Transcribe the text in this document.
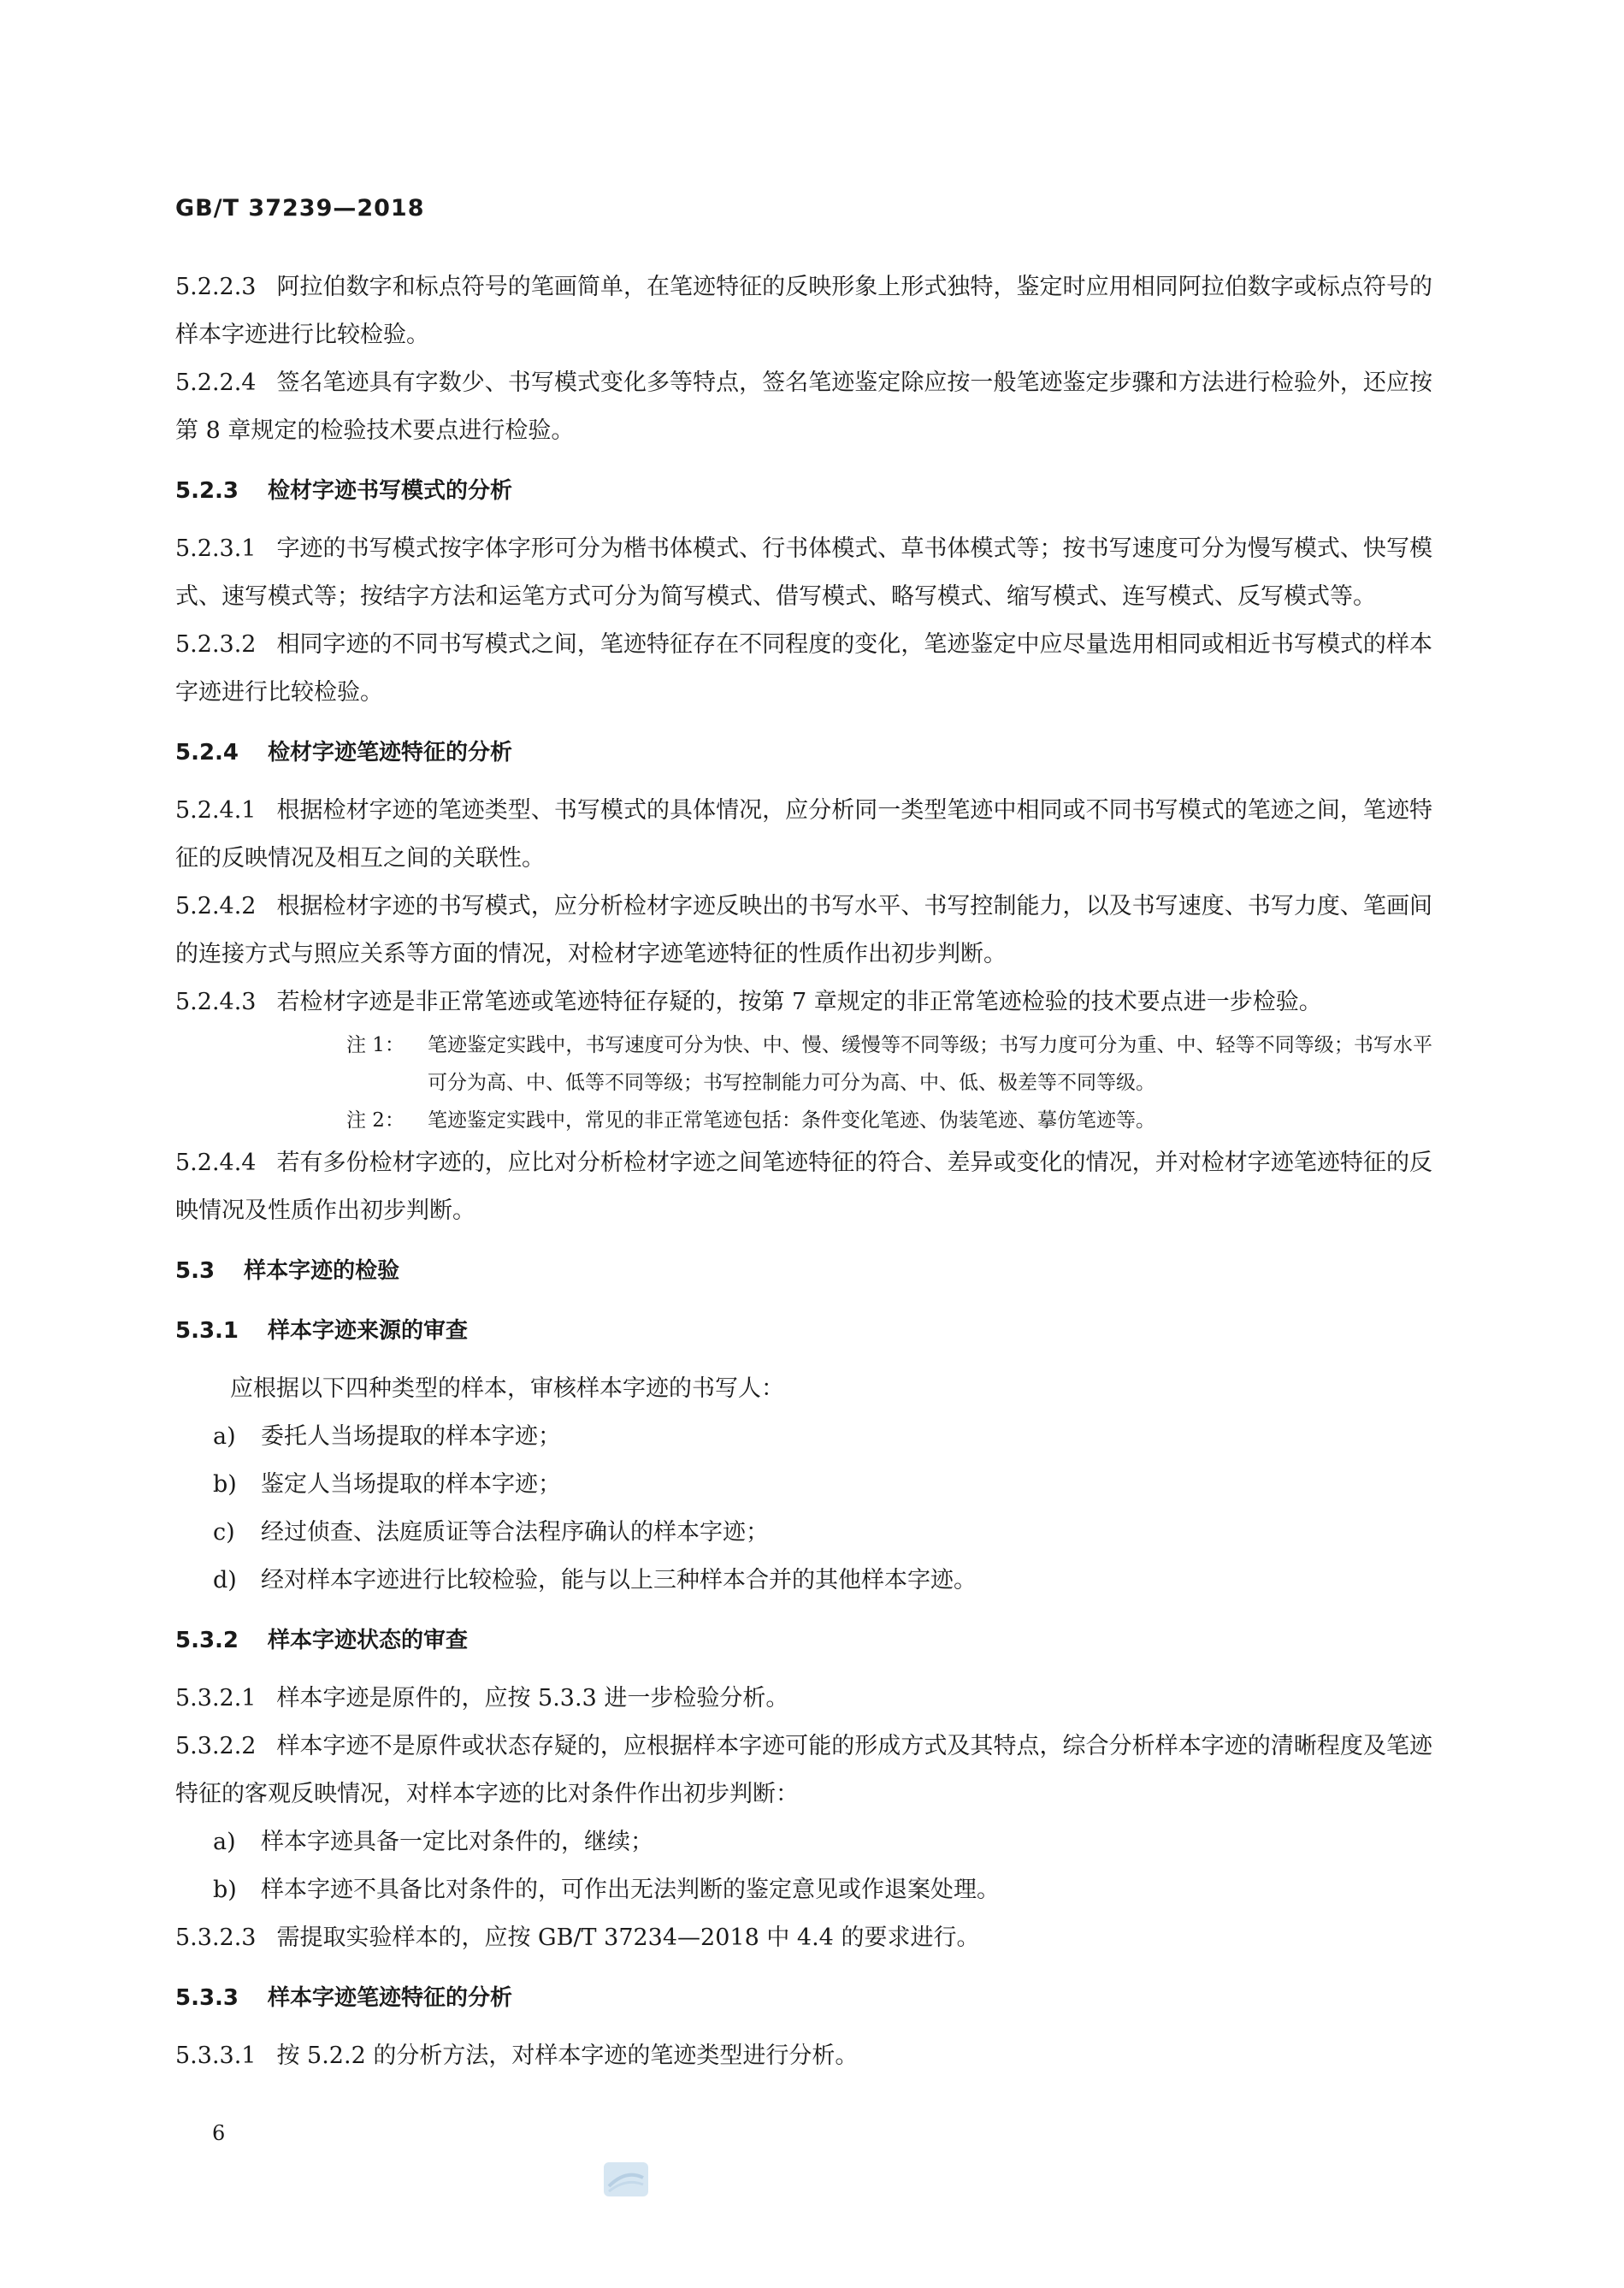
GB/T 37239—2018

5.2.2.3 阿拉伯数字和标点符号的笔画简单，在笔迹特征的反映形象上形式独特，鉴定时应用相同阿拉伯数字或标点符号的样本字迹进行比较检验。

5.2.2.4 签名笔迹具有字数少、书写模式变化多等特点，签名笔迹鉴定除应按一般笔迹鉴定步骤和方法进行检验外，还应按第 8 章规定的检验技术要点进行检验。

5.2.3 检材字迹书写模式的分析

5.2.3.1 字迹的书写模式按字体字形可分为楷书体模式、行书体模式、草书体模式等；按书写速度可分为慢写模式、快写模式、速写模式等；按结字方法和运笔方式可分为简写模式、借写模式、略写模式、缩写模式、连写模式、反写模式等。

5.2.3.2 相同字迹的不同书写模式之间，笔迹特征存在不同程度的变化，笔迹鉴定中应尽量选用相同或相近书写模式的样本字迹进行比较检验。

5.2.4 检材字迹笔迹特征的分析

5.2.4.1 根据检材字迹的笔迹类型、书写模式的具体情况，应分析同一类型笔迹中相同或不同书写模式的笔迹之间，笔迹特征的反映情况及相互之间的关联性。

5.2.4.2 根据检材字迹的书写模式，应分析检材字迹反映出的书写水平、书写控制能力，以及书写速度、书写力度、笔画间的连接方式与照应关系等方面的情况，对检材字迹笔迹特征的性质作出初步判断。

5.2.4.3 若检材字迹是非正常笔迹或笔迹特征存疑的，按第 7 章规定的非正常笔迹检验的技术要点进一步检验。

注 1： 笔迹鉴定实践中，书写速度可分为快、中、慢、缓慢等不同等级；书写力度可分为重、中、轻等不同等级；书写水平可分为高、中、低等不同等级；书写控制能力可分为高、中、低、极差等不同等级。

注 2： 笔迹鉴定实践中，常见的非正常笔迹包括：条件变化笔迹、伪装笔迹、摹仿笔迹等。

5.2.4.4 若有多份检材字迹的，应比对分析检材字迹之间笔迹特征的符合、差异或变化的情况，并对检材字迹笔迹特征的反映情况及性质作出初步判断。

5.3 样本字迹的检验
5.3.1 样本字迹来源的审查

应根据以下四种类型的样本，审核样本字迹的书写人：

a) 委托人当场提取的样本字迹；

b) 鉴定人当场提取的样本字迹；

c) 经过侦查、法庭质证等合法程序确认的样本字迹；

d) 经对样本字迹进行比较检验，能与以上三种样本合并的其他样本字迹。

5.3.2 样本字迹状态的审查

5.3.2.1 样本字迹是原件的，应按 5.3.3 进一步检验分析。

5.3.2.2 样本字迹不是原件或状态存疑的，应根据样本字迹可能的形成方式及其特点，综合分析样本字迹的清晰程度及笔迹特征的客观反映情况，对样本字迹的比对条件作出初步判断：

a) 样本字迹具备一定比对条件的，继续；

b) 样本字迹不具备比对条件的，可作出无法判断的鉴定意见或作退案处理。

5.3.2.3 需提取实验样本的，应按 GB/T 37234—2018 中 4.4 的要求进行。

5.3.3 样本字迹笔迹特征的分析

5.3.3.1 按 5.2.2 的分析方法，对样本字迹的笔迹类型进行分析。

6
